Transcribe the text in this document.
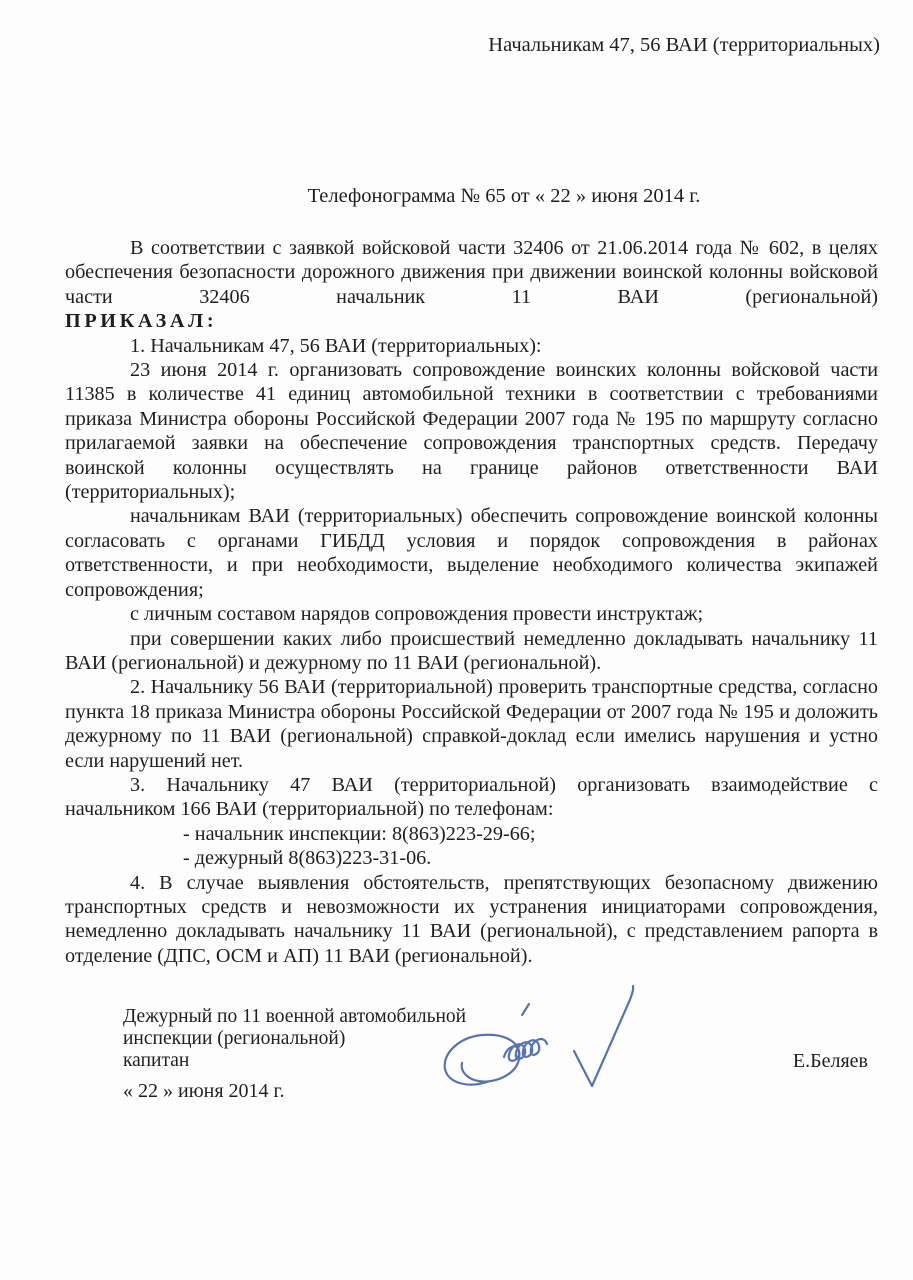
Начальникам 47, 56 ВАИ (территориальных)
Телефонограмма № 65 от « 22 » июня 2014 г.

В соответствии с заявкой войсковой части 32406 от 21.06.2014 года № 602, в целях обеспечения безопасности дорожного движения при движении воинской колонны войсковой части 32406 начальник 11 ВАИ (региональной)

ПРИКАЗАЛ:

1. Начальникам 47, 56 ВАИ (территориальных):

23 июня 2014 г. организовать сопровождение воинских колонны войсковой части 11385 в количестве 41 единиц автомобильной техники в соответствии с требованиями приказа Министра обороны Российской Федерации 2007 года № 195 по маршруту согласно прилагаемой заявки на обеспечение сопровождения транспортных средств. Передачу воинской колонны осуществлять на границе районов ответственности ВАИ (территориальных);

начальникам ВАИ (территориальных) обеспечить сопровождение воинской колонны согласовать с органами ГИБДД условия и порядок сопровождения в районах ответственности, и при необходимости, выделение необходимого количества экипажей сопровождения;

с личным составом нарядов сопровождения провести инструктаж;

при совершении каких либо происшествий немедленно докладывать начальнику 11 ВАИ (региональной) и дежурному по 11 ВАИ (региональной).

2. Начальнику 56 ВАИ (территориальной) проверить транспортные средства, согласно пункта 18 приказа Министра обороны Российской Федерации от 2007 года № 195 и доложить дежурному по 11 ВАИ (региональной) справкой-доклад если имелись нарушения и устно если нарушений нет.

3. Начальнику 47 ВАИ (территориальной) организовать взаимодействие с начальником 166 ВАИ (территориальной) по телефонам:

- начальник инспекции: 8(863)223-29-66;

- дежурный 8(863)223-31-06.

4. В случае выявления обстоятельств, препятствующих безопасному движению транспортных средств и невозможности их устранения инициаторами сопровождения, немедленно докладывать начальнику 11 ВАИ (региональной), с представлением рапорта в отделение (ДПС, ОСМ и АП) 11 ВАИ (региональной).

Дежурный по 11 военной автомобильной
инспекции (региональной)
капитан	Е.Беляев
« 22 » июня 2014 г.
